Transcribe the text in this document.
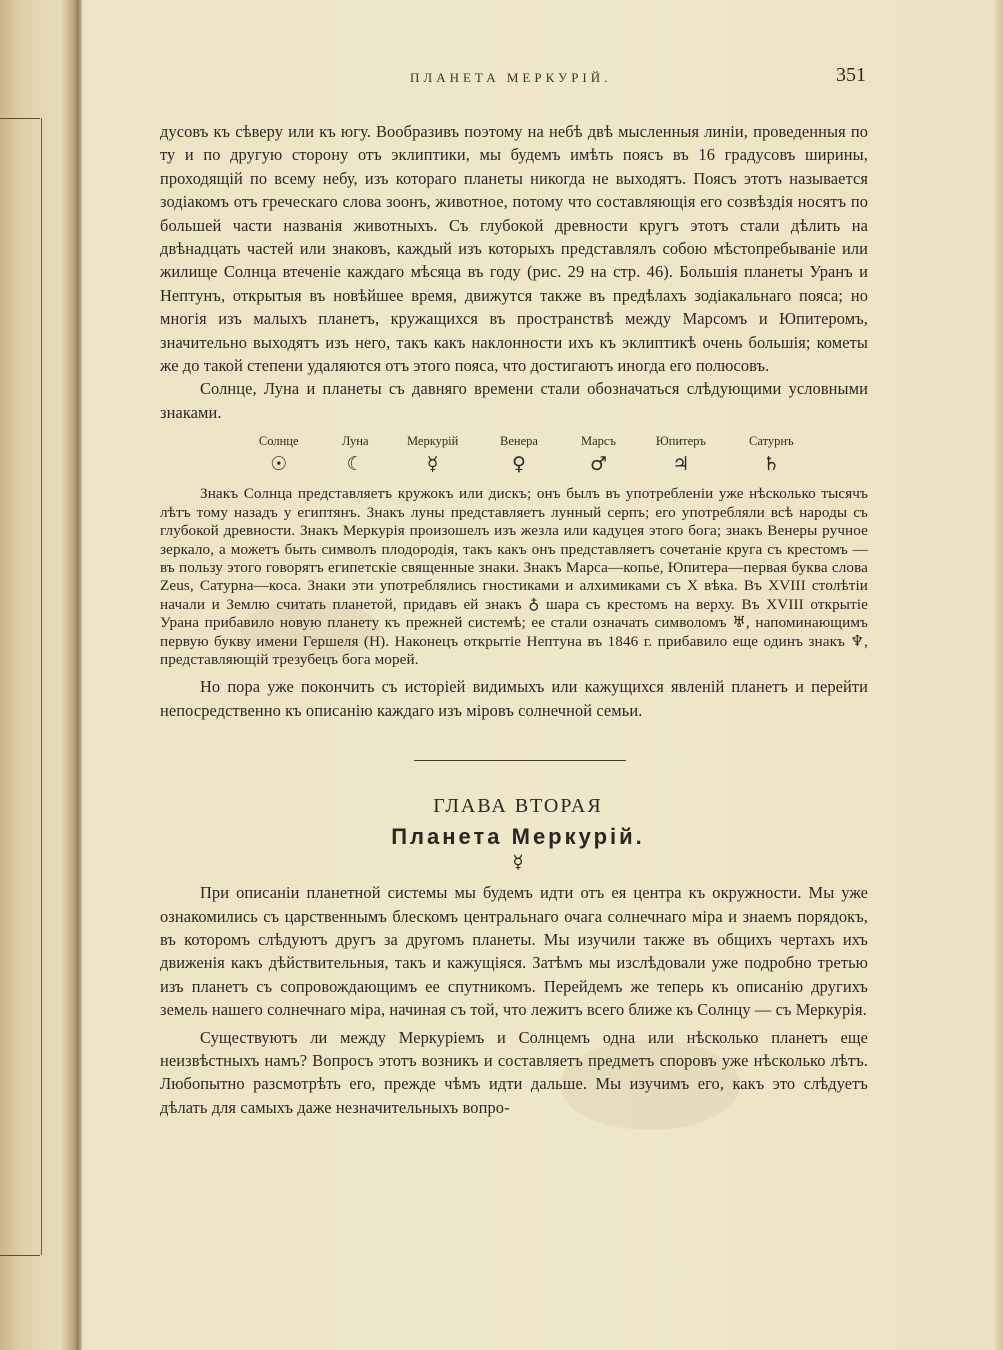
ПЛАНЕТА МЕРКУРІЙ.	351

дусовъ къ сѣверу или къ югу. Вообразивъ поэтому на небѣ двѣ мысленныя линіи, проведенныя по ту и по другую сторону отъ эклиптики, мы будемъ имѣть поясъ въ 16 градусовъ ширины, проходящій по всему небу, изъ котораго планеты никогда не выходятъ. Поясъ этотъ называется зодіакомъ отъ греческаго слова зоонъ, животное, потому что составляющія его созвѣздія носятъ по большей части названія животныхъ. Съ глубокой древности кругъ этотъ стали дѣлить на двѣнадцать частей или знаковъ, каждый изъ которыхъ представлялъ собою мѣстопребываніе или жилище Солнца втеченіе каждаго мѣсяца въ году (рис. 29 на стр. 46). Большія планеты Уранъ и Нептунъ, открытыя въ новѣйшее время, движутся также въ предѣлахъ зодіакальнаго пояса; но многія изъ малыхъ планетъ, кружащихся въ пространствѣ между Марсомъ и Юпитеромъ, значительно выходятъ изъ него, такъ какъ наклонности ихъ къ эклиптикѣ очень большія; кометы же до такой степени удаляются отъ этого пояса, что достигаютъ иногда его полюсовъ.

Солнце, Луна и планеты съ давняго времени стали обозначаться слѣдующими условными знаками.

Солнце
☉
Луна
☾
Меркурій
☿
Венера
♀
Марсъ
♂
Юпитеръ
♃
Сатурнъ
♄

Знакъ Солнца представляетъ кружокъ или дискъ; онъ былъ въ употребленіи уже нѣсколько тысячъ лѣтъ тому назадъ у египтянъ. Знакъ луны представляетъ лунный серпъ; его употребляли всѣ народы съ глубокой древности. Знакъ Меркурія произошелъ изъ жезла или кадуцея этого бога; знакъ Венеры ручное зеркало, а можетъ быть символъ плодородія, такъ какъ онъ представляетъ сочетаніе круга съ крестомъ — въ пользу этого говорятъ египетскіе священные знаки. Знакъ Марса—копье, Юпитера—первая буква слова Zeus, Сатурна—коса. Знаки эти употреблялись гностиками и алхимиками съ X вѣка. Въ XVIII столѣтіи начали и Землю считать планетой, придавъ ей знакъ ♁ шара съ крестомъ на верху. Въ XVIII открытіе Урана прибавило новую планету къ прежней системѣ; ее стали означать символомъ ♅, напоминающимъ первую букву имени Гершеля (H). Наконецъ открытіе Нептуна въ 1846 г. прибавило еще одинъ знакъ ♆, представляющій трезубецъ бога морей.

Но пора уже покончить съ исторіей видимыхъ или кажущихся явленій планетъ и перейти непосредственно къ описанію каждаго изъ міровъ солнечной семьи.

ГЛАВА ВТОРАЯ
Планета Меркурій.
☿

При описаніи планетной системы мы будемъ идти отъ ея центра къ окружности. Мы уже ознакомились съ царственнымъ блескомъ центральнаго очага солнечнаго міра и знаемъ порядокъ, въ которомъ слѣдуютъ другъ за другомъ планеты. Мы изучили также въ общихъ чертахъ ихъ движенія какъ дѣйствительныя, такъ и кажущіяся. Затѣмъ мы изслѣдовали уже подробно третью изъ планетъ съ сопровождающимъ ее спутникомъ. Перейдемъ же теперь къ описанію другихъ земель нашего солнечнаго міра, начиная съ той, что лежитъ всего ближе къ Солнцу — съ Меркурія.

Существуютъ ли между Меркуріемъ и Солнцемъ одна или нѣсколько планетъ еще неизвѣстныхъ намъ? Вопросъ этотъ возникъ и составляетъ предметъ споровъ уже нѣсколько лѣтъ. Любопытно разсмотрѣть его, прежде чѣмъ идти дальше. Мы изучимъ его, какъ это слѣдуетъ дѣлать для самыхъ даже незначительныхъ вопро-
